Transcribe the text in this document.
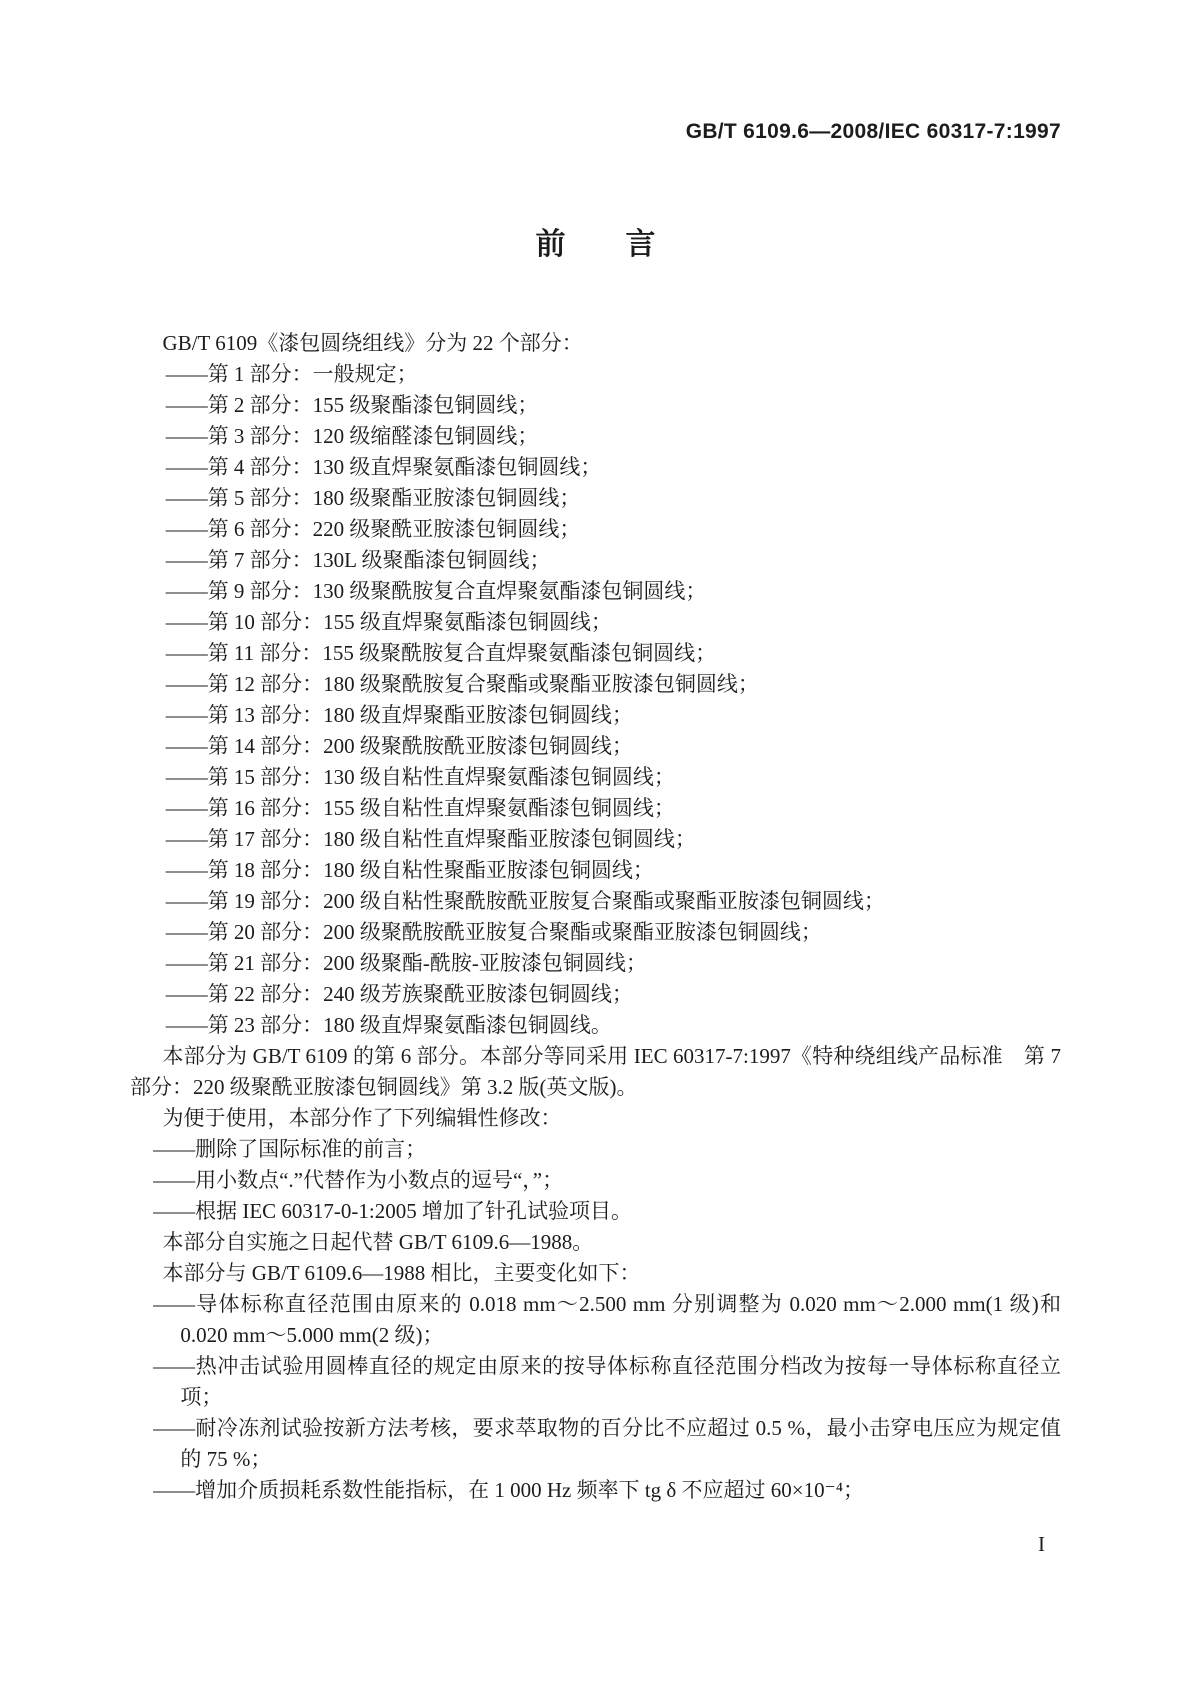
GB/T 6109.6—2008/IEC 60317-7:1997
前　　言

GB/T 6109《漆包圆绕组线》分为 22 个部分：

——第 1 部分：一般规定；
——第 2 部分：155 级聚酯漆包铜圆线；
——第 3 部分：120 级缩醛漆包铜圆线；
——第 4 部分：130 级直焊聚氨酯漆包铜圆线；
——第 5 部分：180 级聚酯亚胺漆包铜圆线；
——第 6 部分：220 级聚酰亚胺漆包铜圆线；
——第 7 部分：130L 级聚酯漆包铜圆线；
——第 9 部分：130 级聚酰胺复合直焊聚氨酯漆包铜圆线；
——第 10 部分：155 级直焊聚氨酯漆包铜圆线；
——第 11 部分：155 级聚酰胺复合直焊聚氨酯漆包铜圆线；
——第 12 部分：180 级聚酰胺复合聚酯或聚酯亚胺漆包铜圆线；
——第 13 部分：180 级直焊聚酯亚胺漆包铜圆线；
——第 14 部分：200 级聚酰胺酰亚胺漆包铜圆线；
——第 15 部分：130 级自粘性直焊聚氨酯漆包铜圆线；
——第 16 部分：155 级自粘性直焊聚氨酯漆包铜圆线；
——第 17 部分：180 级自粘性直焊聚酯亚胺漆包铜圆线；
——第 18 部分：180 级自粘性聚酯亚胺漆包铜圆线；
——第 19 部分：200 级自粘性聚酰胺酰亚胺复合聚酯或聚酯亚胺漆包铜圆线；
——第 20 部分：200 级聚酰胺酰亚胺复合聚酯或聚酯亚胺漆包铜圆线；
——第 21 部分：200 级聚酯-酰胺-亚胺漆包铜圆线；
——第 22 部分：240 级芳族聚酰亚胺漆包铜圆线；
——第 23 部分：180 级直焊聚氨酯漆包铜圆线。

本部分为 GB/T 6109 的第 6 部分。本部分等同采用 IEC 60317-7:1997《特种绕组线产品标准　第 7 部分：220 级聚酰亚胺漆包铜圆线》第 3.2 版(英文版)。

为便于使用，本部分作了下列编辑性修改：

——删除了国际标准的前言；
——用小数点“.”代替作为小数点的逗号“，”；
——根据 IEC 60317-0-1:2005 增加了针孔试验项目。

本部分自实施之日起代替 GB/T 6109.6—1988。

本部分与 GB/T 6109.6—1988 相比，主要变化如下：

——导体标称直径范围由原来的 0.018 mm～2.500 mm 分别调整为 0.020 mm～2.000 mm(1 级)和 0.020 mm～5.000 mm(2 级)；
——热冲击试验用圆棒直径的规定由原来的按导体标称直径范围分档改为按每一导体标称直径立项；
——耐冷冻剂试验按新方法考核，要求萃取物的百分比不应超过 0.5 %，最小击穿电压应为规定值的 75 %；
——增加介质损耗系数性能指标，在 1 000 Hz 频率下 tg δ 不应超过 60×10⁻⁴；
I
